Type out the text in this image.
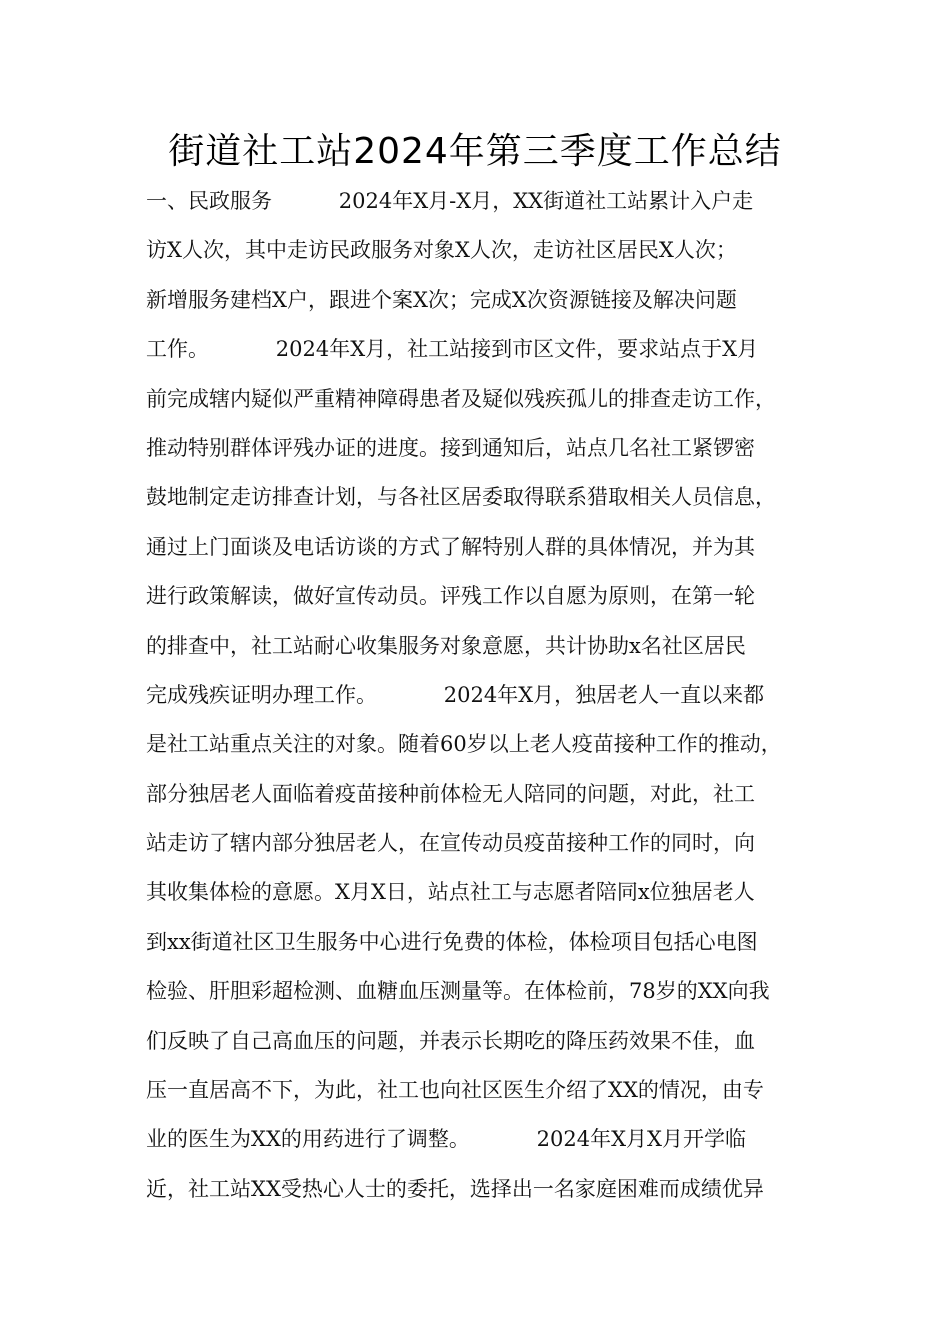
街道社工站2024年第三季度工作总结
一、民政服务          2024年X月-X月，XX街道社工站累计入户走
访X人次，其中走访民政服务对象X人次，走访社区居民X人次；
新增服务建档X户，跟进个案X次；完成X次资源链接及解决问题
工作。          2024年X月，社工站接到市区文件，要求站点于X月
前完成辖内疑似严重精神障碍患者及疑似残疾孤儿的排查走访工作，
推动特别群体评残办证的进度。接到通知后，站点几名社工紧锣密
鼓地制定走访排查计划，与各社区居委取得联系猎取相关人员信息，
通过上门面谈及电话访谈的方式了解特别人群的具体情况，并为其
进行政策解读，做好宣传动员。评残工作以自愿为原则，在第一轮
的排查中，社工站耐心收集服务对象意愿，共计协助x名社区居民
完成残疾证明办理工作。          2024年X月，独居老人一直以来都
是社工站重点关注的对象。随着60岁以上老人疫苗接种工作的推动，
部分独居老人面临着疫苗接种前体检无人陪同的问题，对此，社工
站走访了辖内部分独居老人，在宣传动员疫苗接种工作的同时，向
其收集体检的意愿。X月X日，站点社工与志愿者陪同x位独居老人
到xx街道社区卫生服务中心进行免费的体检，体检项目包括心电图
检验、肝胆彩超检测、血糖血压测量等。在体检前，78岁的XX向我
们反映了自己高血压的问题，并表示长期吃的降压药效果不佳，血
压一直居高不下，为此，社工也向社区医生介绍了XX的情况，由专
业的医生为XX的用药进行了调整。          2024年X月X月开学临
近，社工站XX受热心人士的委托，选择出一名家庭困难而成绩优异
